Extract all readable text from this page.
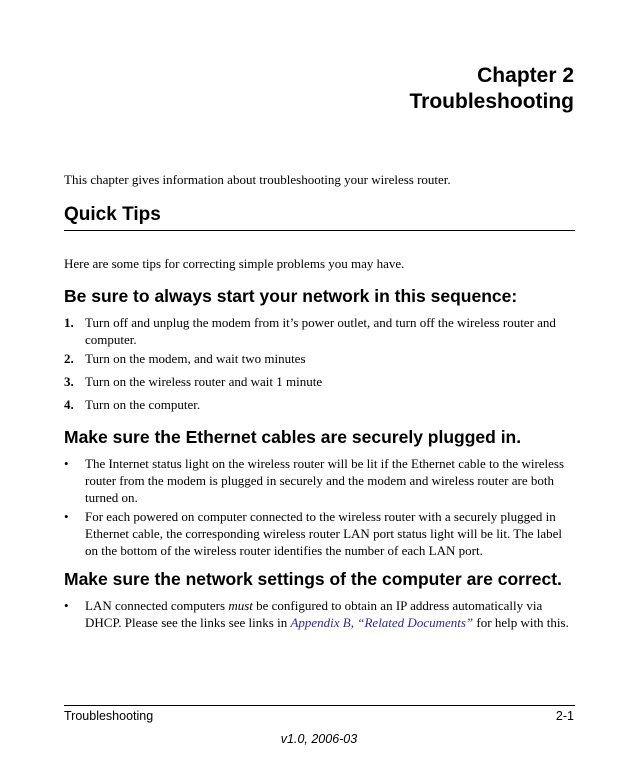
Chapter 2
Troubleshooting
This chapter gives information about troubleshooting your wireless router.
Quick Tips
Here are some tips for correcting simple problems you may have.
Be sure to always start your network in this sequence:
1. Turn off and unplug the modem from it’s power outlet, and turn off the wireless router and computer.
2. Turn on the modem, and wait two minutes
3. Turn on the wireless router and wait 1 minute
4. Turn on the computer.
Make sure the Ethernet cables are securely plugged in.
• The Internet status light on the wireless router will be lit if the Ethernet cable to the wireless router from the modem is plugged in securely and the modem and wireless router are both turned on.
• For each powered on computer connected to the wireless router with a securely plugged in Ethernet cable, the corresponding wireless router LAN port status light will be lit. The label on the bottom of the wireless router identifies the number of each LAN port.
Make sure the network settings of the computer are correct.
• LAN connected computers must be configured to obtain an IP address automatically via DHCP. Please see the links see links in Appendix B, “Related Documents” for help with this.
Troubleshooting	2-1
v1.0, 2006-03
